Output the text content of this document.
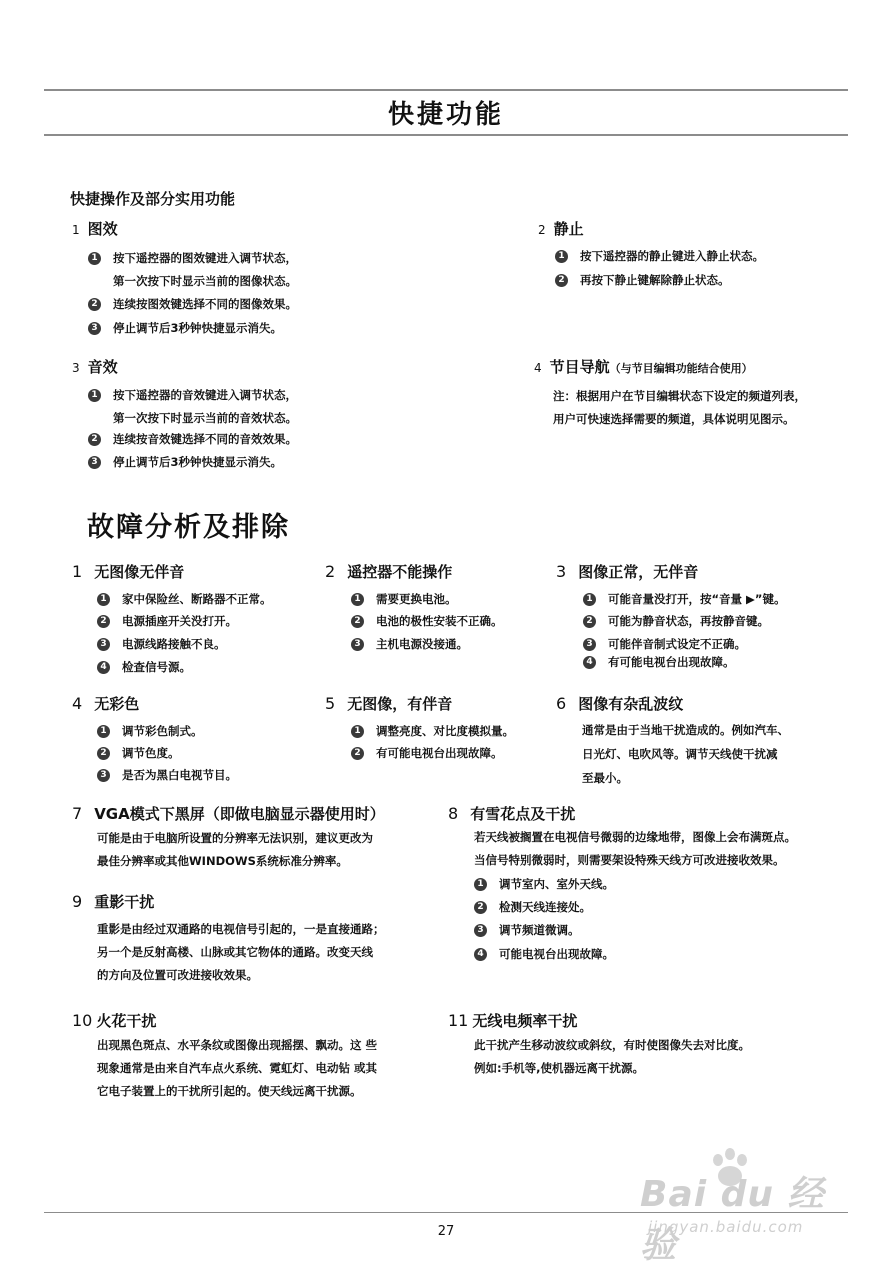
快捷功能
快捷操作及部分实用功能
1 图效
1 按下遥控器的图效键进入调节状态，
第一次按下时显示当前的图像状态。
2 连续按图效键选择不同的图像效果。
3 停止调节后3秒钟快捷显示消失。
2 静止
1 按下遥控器的静止键进入静止状态。
2 再按下静止键解除静止状态。
3 音效
1 按下遥控器的音效键进入调节状态，
第一次按下时显示当前的音效状态。
2 连续按音效键选择不同的音效效果。
3 停止调节后3秒钟快捷显示消失。
4 节目导航（与节目编辑功能结合使用）
注：根据用户在节目编辑状态下设定的频道列表，
用户可快速选择需要的频道，具体说明见图示。
故障分析及排除
1 无图像无伴音
1 家中保险丝、断路器不正常。
2 电源插座开关没打开。
3 电源线路接触不良。
4 检查信号源。
2 遥控器不能操作
1 需要更换电池。
2 电池的极性安装不正确。
3 主机电源没接通。
3 图像正常，无伴音
1 可能音量没打开，按“音量 ▶”键。
2 可能为静音状态，再按静音键。
3 可能伴音制式设定不正确。
4 有可能电视台出现故障。
4 无彩色
1 调节彩色制式。
2 调节色度。
3 是否为黑白电视节目。
5 无图像，有伴音
1 调整亮度、对比度模拟量。
2 有可能电视台出现故障。
6 图像有杂乱波纹
通常是由于当地干扰造成的。例如汽车、
日光灯、电吹风等。调节天线使干扰减
至最小。
7 VGA模式下黑屏（即做电脑显示器使用时）
可能是由于电脑所设置的分辨率无法识别，建议更改为
最佳分辨率或其他WINDOWS系统标准分辨率。
8 有雪花点及干扰
若天线被搁置在电视信号微弱的边缘地带，图像上会布满斑点。
当信号特别微弱时，则需要架设特殊天线方可改进接收效果。
1 调节室内、室外天线。
2 检测天线连接处。
3 调节频道微调。
4 可能电视台出现故障。
9 重影干扰
重影是由经过双通路的电视信号引起的，一是直接通路；
另一个是反射高楼、山脉或其它物体的通路。改变天线
的方向及位置可改进接收效果。
10 火花干扰
出现黑色斑点、水平条纹或图像出现摇摆、飘动。这 些
现象通常是由来自汽车点火系统、霓虹灯、电动钻 或其
它电子装置上的干扰所引起的。使天线远离干扰源。
11 无线电频率干扰
此干扰产生移动波纹或斜纹，有时使图像失去对比度。
例如:手机等,使机器远离干扰源。
Bai du 经验
jingyan.baidu.com
27
